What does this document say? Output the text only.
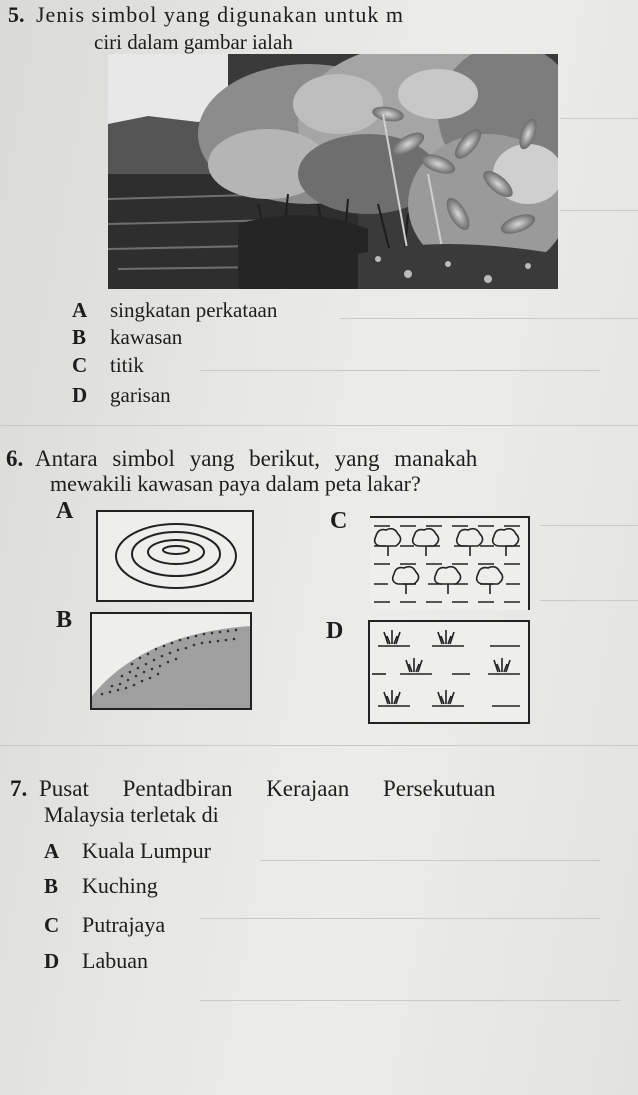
5. Jenis simbol yang digunakan untuk m
ciri dalam gambar ialah
A singkatan perkataan
B kawasan
C titik
D garisan
6. Antara simbol yang berikut, yang manakah
mewakili kawasan paya dalam peta lakar?
A
B
C
D
7. Pusat Pentadbiran Kerajaan Persekutuan
Malaysia terletak di
A Kuala Lumpur
B Kuching
C Putrajaya
D Labuan
